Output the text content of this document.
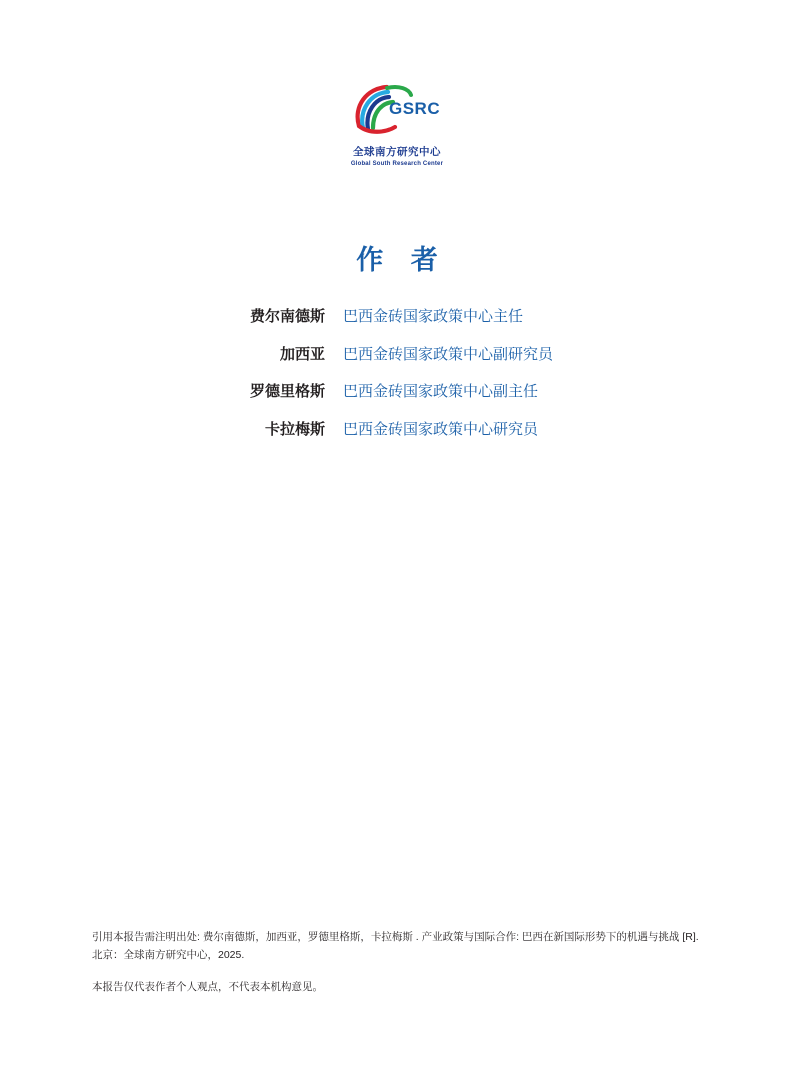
GSRC
全球南方研究中心
Global South Research Center
作 者
费尔南德斯 巴西金砖国家政策中心主任
加西亚 巴西金砖国家政策中心副研究员
罗德里格斯 巴西金砖国家政策中心副主任
卡拉梅斯 巴西金砖国家政策中心研究员
引用本报告需注明出处: 费尔南德斯，加西亚，罗德里格斯，卡拉梅斯 . 产业政策与国际合作: 巴西在新国际形势下的机遇与挑战 [R]. 北京：全球南方研究中心，2025.
本报告仅代表作者个人观点，不代表本机构意见。
